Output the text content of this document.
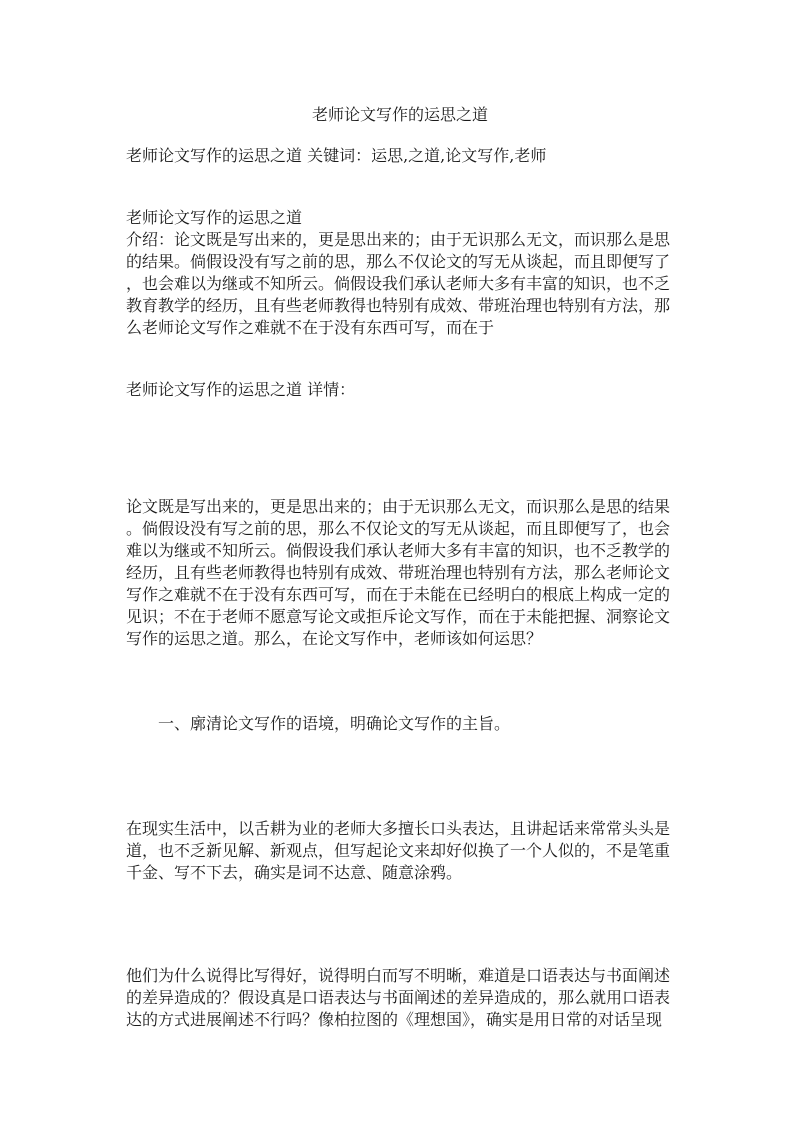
老师论文写作的运思之道

老师论文写作的运思之道 关键词：运思,之道,论文写作,老师

老师论文写作的运思之道

介绍：论文既是写出来的，更是思出来的；由于无识那么无文，而识那么是思

的结果。倘假设没有写之前的思，那么不仅论文的写无从谈起，而且即便写了

，也会难以为继或不知所云。倘假设我们承认老师大多有丰富的知识，也不乏

教育教学的经历，且有些老师教得也特别有成效、带班治理也特别有方法，那

么老师论文写作之难就不在于没有东西可写，而在于

老师论文写作的运思之道 详情：

论文既是写出来的，更是思出来的；由于无识那么无文，而识那么是思的结果

。倘假设没有写之前的思，那么不仅论文的写无从谈起，而且即便写了，也会

难以为继或不知所云。倘假设我们承认老师大多有丰富的知识，也不乏教学的

经历，且有些老师教得也特别有成效、带班治理也特别有方法，那么老师论文

写作之难就不在于没有东西可写，而在于未能在已经明白的根底上构成一定的

见识；不在于老师不愿意写论文或拒斥论文写作，而在于未能把握、洞察论文

写作的运思之道。那么，在论文写作中，老师该如何运思？

一、廓清论文写作的语境，明确论文写作的主旨。

在现实生活中，以舌耕为业的老师大多擅长口头表达，且讲起话来常常头头是

道，也不乏新见解、新观点，但写起论文来却好似换了一个人似的，不是笔重

千金、写不下去，确实是词不达意、随意涂鸦。

他们为什么说得比写得好，说得明白而写不明晰，难道是口语表达与书面阐述

的差异造成的？假设真是口语表达与书面阐述的差异造成的，那么就用口语表

达的方式进展阐述不行吗？像柏拉图的《理想国》，确实是用日常的对话呈现
